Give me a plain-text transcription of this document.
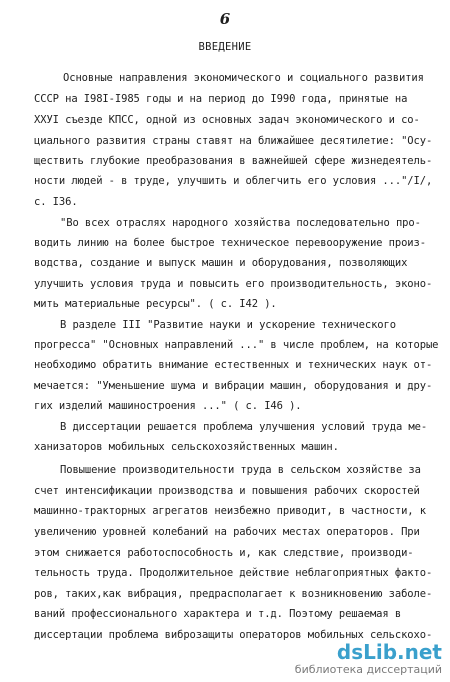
6
ВВЕДЕНИЕ
Основные направления экономического и социального развития
СССР на I98I-I985 годы и на период до I990 года, принятые на
ХХУI съезде КПСС, одной из основных задач экономического и со-
циального развития страны ставят на ближайшее десятилетие: "Осу-
ществить глубокие преобразования в важнейшей сфере жизнедеятель-
ности людей - в труде, улучшить и облегчить его условия ..."/I/,
с. I36.
"Во всех отраслях народного хозяйства последовательно про-
водить линию на более быстрое техническое перевооружение произ-
водства, создание и выпуск машин и оборудования, позволяющих
улучшить условия труда и повысить его производительность, эконо-
мить материальные ресурсы". ( с. I42 ).
В разделе III "Развитие науки и ускорение технического
прогресса" "Основных направлений ..." в числе проблем, на которые
необходимо обратить внимание естественных и технических наук от-
мечается: "Уменьшение шума и вибрации машин, оборудования и дру-
гих изделий машиностроения ..." ( с. I46 ).
В диссертации решается проблема улучшения условий труда ме-
ханизаторов мобильных сельскохозяйственных машин.
Повышение производительности труда в сельском хозяйстве за
счет интенсификации производства и повышения рабочих скоростей
машинно-тракторных агрегатов неизбежно приводит, в частности, к
увеличению уровней колебаний на рабочих местах операторов. При
этом снижается работоспособность и, как следствие, производи-
тельность труда. Продолжительное действие неблагоприятных факто-
ров, таких,как вибрация, предрасполагает к возникновению заболе-
ваний профессионального характера и т.д. Поэтому решаемая в
диссертации проблема виброзащиты операторов мобильных сельскохо-
dsLib.net
библиотека диссертаций
